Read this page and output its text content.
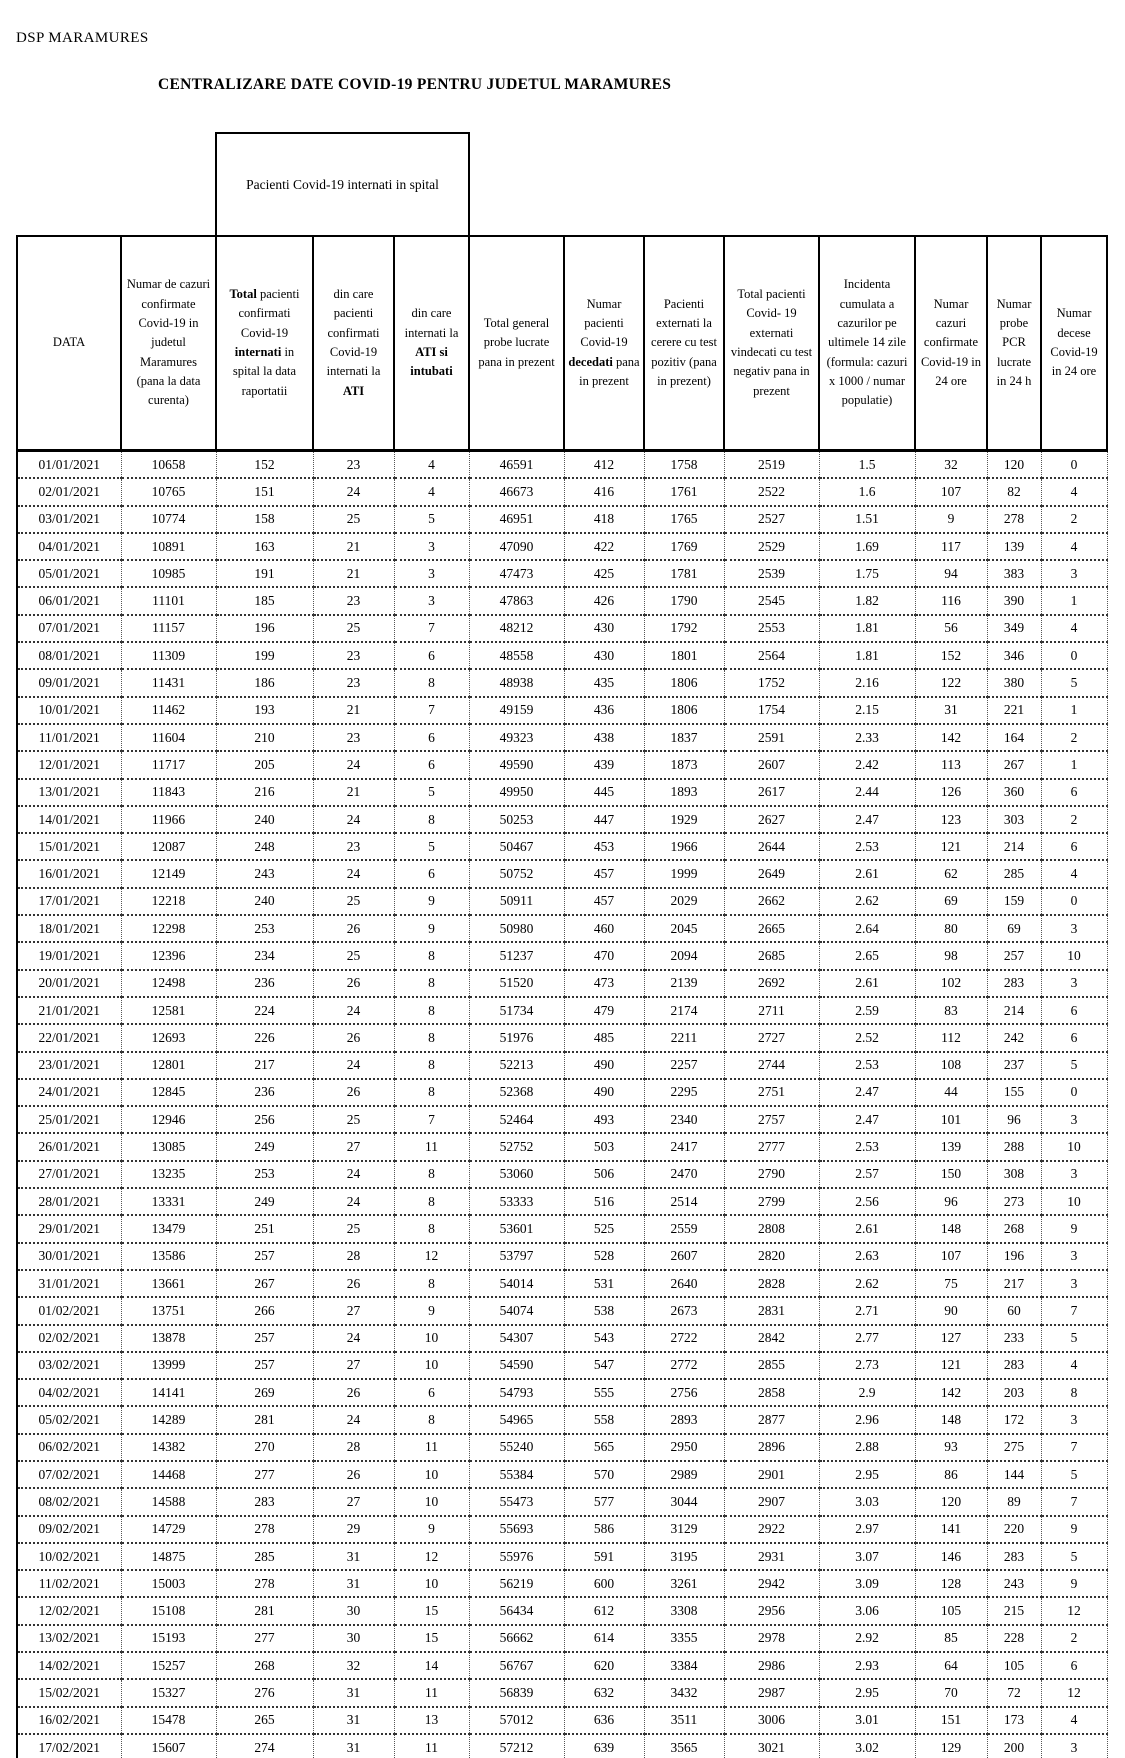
DSP MARAMURES
CENTRALIZARE DATE COVID-19 PENTRU JUDETUL MARAMURES
		Pacienti Covid-19 internati in spital										
DATA	Numar de cazuri confirmate Covid-19 in judetul Maramures (pana la data curenta)	Total pacienti confirmati Covid-19 internati in spital la data raportatii	din care pacienti confirmati Covid-19 internati la ATI	din care internati la ATI si intubati	Total general probe lucrate pana in prezent	Numar pacienti Covid-19 decedati pana in prezent	Pacienti externati la cerere cu test pozitiv (pana in prezent)	Total pacienti Covid- 19 externati vindecati cu test negativ pana in prezent	Incidenta cumulata a cazurilor pe ultimele 14 zile (formula: cazuri x 1000 / numar populatie)	Numar cazuri confirmate Covid-19 in 24 ore	Numar probe PCR lucrate in 24 h	Numar decese Covid-19 in 24 ore
01/01/2021	10658	152	23	4	46591	412	1758	2519	1.5	32	120	0
02/01/2021	10765	151	24	4	46673	416	1761	2522	1.6	107	82	4
03/01/2021	10774	158	25	5	46951	418	1765	2527	1.51	9	278	2
04/01/2021	10891	163	21	3	47090	422	1769	2529	1.69	117	139	4
05/01/2021	10985	191	21	3	47473	425	1781	2539	1.75	94	383	3
06/01/2021	11101	185	23	3	47863	426	1790	2545	1.82	116	390	1
07/01/2021	11157	196	25	7	48212	430	1792	2553	1.81	56	349	4
08/01/2021	11309	199	23	6	48558	430	1801	2564	1.81	152	346	0
09/01/2021	11431	186	23	8	48938	435	1806	1752	2.16	122	380	5
10/01/2021	11462	193	21	7	49159	436	1806	1754	2.15	31	221	1
11/01/2021	11604	210	23	6	49323	438	1837	2591	2.33	142	164	2
12/01/2021	11717	205	24	6	49590	439	1873	2607	2.42	113	267	1
13/01/2021	11843	216	21	5	49950	445	1893	2617	2.44	126	360	6
14/01/2021	11966	240	24	8	50253	447	1929	2627	2.47	123	303	2
15/01/2021	12087	248	23	5	50467	453	1966	2644	2.53	121	214	6
16/01/2021	12149	243	24	6	50752	457	1999	2649	2.61	62	285	4
17/01/2021	12218	240	25	9	50911	457	2029	2662	2.62	69	159	0
18/01/2021	12298	253	26	9	50980	460	2045	2665	2.64	80	69	3
19/01/2021	12396	234	25	8	51237	470	2094	2685	2.65	98	257	10
20/01/2021	12498	236	26	8	51520	473	2139	2692	2.61	102	283	3
21/01/2021	12581	224	24	8	51734	479	2174	2711	2.59	83	214	6
22/01/2021	12693	226	26	8	51976	485	2211	2727	2.52	112	242	6
23/01/2021	12801	217	24	8	52213	490	2257	2744	2.53	108	237	5
24/01/2021	12845	236	26	8	52368	490	2295	2751	2.47	44	155	0
25/01/2021	12946	256	25	7	52464	493	2340	2757	2.47	101	96	3
26/01/2021	13085	249	27	11	52752	503	2417	2777	2.53	139	288	10
27/01/2021	13235	253	24	8	53060	506	2470	2790	2.57	150	308	3
28/01/2021	13331	249	24	8	53333	516	2514	2799	2.56	96	273	10
29/01/2021	13479	251	25	8	53601	525	2559	2808	2.61	148	268	9
30/01/2021	13586	257	28	12	53797	528	2607	2820	2.63	107	196	3
31/01/2021	13661	267	26	8	54014	531	2640	2828	2.62	75	217	3
01/02/2021	13751	266	27	9	54074	538	2673	2831	2.71	90	60	7
02/02/2021	13878	257	24	10	54307	543	2722	2842	2.77	127	233	5
03/02/2021	13999	257	27	10	54590	547	2772	2855	2.73	121	283	4
04/02/2021	14141	269	26	6	54793	555	2756	2858	2.9	142	203	8
05/02/2021	14289	281	24	8	54965	558	2893	2877	2.96	148	172	3
06/02/2021	14382	270	28	11	55240	565	2950	2896	2.88	93	275	7
07/02/2021	14468	277	26	10	55384	570	2989	2901	2.95	86	144	5
08/02/2021	14588	283	27	10	55473	577	3044	2907	3.03	120	89	7
09/02/2021	14729	278	29	9	55693	586	3129	2922	2.97	141	220	9
10/02/2021	14875	285	31	12	55976	591	3195	2931	3.07	146	283	5
11/02/2021	15003	278	31	10	56219	600	3261	2942	3.09	128	243	9
12/02/2021	15108	281	30	15	56434	612	3308	2956	3.06	105	215	12
13/02/2021	15193	277	30	15	56662	614	3355	2978	2.92	85	228	2
14/02/2021	15257	268	32	14	56767	620	3384	2986	2.93	64	105	6
15/02/2021	15327	276	31	11	56839	632	3432	2987	2.95	70	72	12
16/02/2021	15478	265	31	13	57012	636	3511	3006	3.01	151	173	4
17/02/2021	15607	274	31	11	57212	639	3565	3021	3.02	129	200	3
